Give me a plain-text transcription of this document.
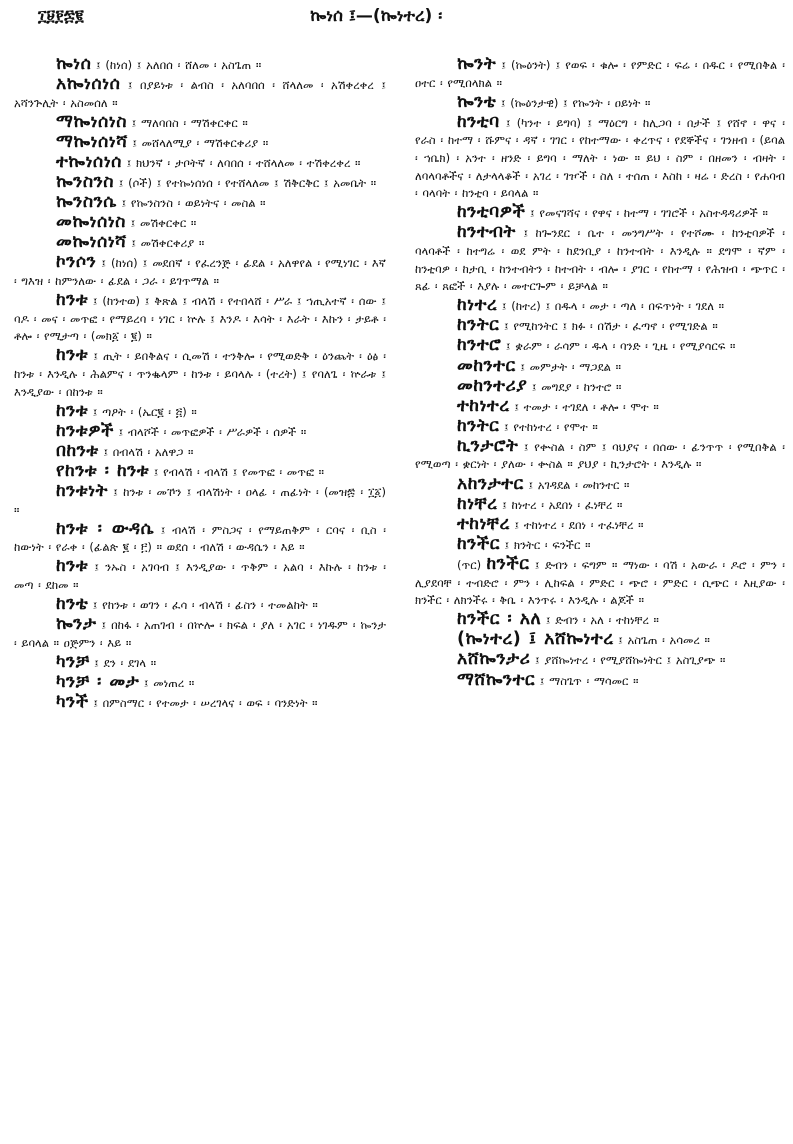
፲፱፻፷፪	ኰነሰ ፤—(ኰነተረ) ፡

ኰነሰ ፤ (ከነሰ) ፤ አለበሰ ፡ ሸለመ ፡ አስጌጠ ።

አኰነሰነሰ ፤ በያይነቱ ፡ ልብስ ፡ አለባበሰ ፡ ሸላለመ ፡ አሽቀረቀረ ፤ አሻንጕሊት ፡ አስመሰለ ።

ማኰነሰነስ ፤ ማለባበስ ፡ ማሽቀርቀር ።

ማኰነሰነሻ ፤ መሸላለሚያ ፡ ማሽቀርቀሪያ ።

ተኰነሰነሰ ፤ ክህንኛ ፡ ታቦትኛ ፡ ለባበሰ ፡ ተሸላለመ ፡ ተሽቀረቀረ ።

ኰንስንስ ፤ (ሶች) ፤ የተኰነሰነሰ ፡ የተሸላለመ ፤ ሽቅርቅር ፤ አመቤት ።

ኰንስንሴ ፤ የኰንስንስ ፡ ወይነትና ፡ መስል ።

መኰነሰነስ ፤ መሽቀርቀር ።

መኰነሰነሻ ፤ መሽቀርቀሪያ ።

ኮንሶን ፤ (ከነሰ) ፤ መደበኛ ፡ የፈረንጅ ፡ ፊደል ፡ አለዋየል ፡ የሚነገር ፡ እኛ ፡ ግእዝ ፡ ከምንለው ፡ ፊደል ፡ ጋራ ፡ ይገጥማል ።

ከንቱ ፤ (ከንተወ) ፤ ቅጽል ፤ ብላሽ ፡ የተበላሸ ፡ ሥራ ፤ ኀጢአተኛ ፡ ሰው ፤ ባዶ ፡ መና ፡ መጥፎ ፡ የማይረባ ፡ ነገር ፡ ኵሉ ፤ እንዶ ፡ እሳት ፡ እራት ፡ እኩን ፡ ታይቶ ፡ ቶሎ ፡ የሚታጣ ፡ (መክ፩ ፡ ፪) ።

ከንቱ ፤ ጢት ፡ ይበቅልና ፡ ሲመሽ ፡ ተንቅሎ ፡ የሚወድቅ ፡ ዕንጨት ፡ ዕፅ ፡ ከንቱ ፡ እንዲሉ ፡ ሕልምና ፡ ጥንቈላም ፡ ከንቱ ፡ ይባላሉ ፡ (ተረት) ፤ የባለጌ ፡ ኵራቱ ፤ እንዲያው ፡ በከንቱ ።

ከንቱ ፤ ጣዖት ፡ (ኤር፪ ፡ ፭) ።

ከንቱዎች ፤ ብላሾች ፡ መጥፎዎች ፡ ሥራዎች ፡ ሰዎች ።

በከንቱ ፤ በብላሽ ፡ አለዋጋ ።

የከንቱ ፡ ከንቱ ፤ የብላሽ ፡ ብላሽ ፤ የመጥፎ ፡ መጥፎ ።

ከንቱነት ፤ ከንቱ ፡ መኾን ፤ ብላሽነት ፡ ዐላፊ ፡ ጠፊነት ፡ (መዝ፷ ፡ ፲፩) ።

ከንቱ ፡ ውዳሴ ፤ ብላሽ ፡ ምስጋና ፡ የማይጠቅም ፡ ርባና ፡ ቢስ ፡ ከውነት ፡ የራቀ ፡ (ፊልጵ ፪ ፡ ፫) ። ወደሰ ፡ ብለሽ ፡ ውዳሴን ፡ እይ ።

ከንቱ ፤ ንኡስ ፡ አገባብ ፤ እንዲያው ፡ ጥቅም ፡ አልባ ፡ እኩሉ ፡ ከንቱ ፡ መጣ ፡ ደከመ ።

ከንቴ ፤ የከንቱ ፡ ወገን ፡ ፈሳ ፡ ብላሽ ፡ ፊስን ፡ ተመልከት ።

ኰንታ ፤ በከፋ ፡ አጠገብ ፡ በኵሎ ፡ ክፍል ፡ ያለ ፡ አገር ፡ ነገዱም ፡ ኰንታ ፡ ይባላል ። ዐጅምን ፡ እይ ።

ካንቻ ፤ ደን ፡ ደገላ ።

ካንቻ ፡ መታ ፤ መነጠረ ።

ካንች ፤ በምስማር ፡ የተመታ ፡ ሠረገላና ፡ ወፍ ፡ ባንድነት ።

ኰንት ፤ (ኰዕንት) ፤ የወፍ ፡ ቁሎ ፡ የምድር ፡ ፍሬ ፡ በዱር ፡ የሚበቅል ፡ ዐተር ፡ የሚበላክል ።

ኰንቴ ፤ (ኰዕንታዊ) ፤ የኰንት ፡ ዐይነት ።

ከንቲባ ፤ (ካንተ ፡ ይግባ) ፤ ማዕርግ ፡ ከሊጋባ ፡ በታች ፤ የሸኖ ፡ ዋና ፡ የራስ ፡ ከተማ ፡ ሹምና ፡ ዳኛ ፡ ገገር ፡ የከተማው ፡ ቀረጥና ፡ የደኞችና ፡ ገንዘብ ፡ (ይባል ፡ ኀቤክ) ፡ አንተ ፡ ዘንድ ፡ ይግባ ፡ ማለት ፡ ነው ። ይህ ፡ ስም ፡ በዘመን ፡ ብዛት ፡ ለባላባቶችና ፡ ለታላላቆች ፡ አገረ ፡ ገዦች ፡ ስለ ፡ ተሰጠ ፡ እስከ ፡ ዛሬ ፡ ድረስ ፡ የሐባብ ፡ ባላባት ፡ ከንቲባ ፡ ይባላል ።

ከንቲባዎች ፤ የመናገሻና ፡ የዋና ፡ ከተማ ፡ ገገሮች ፡ አስተዳዳሪዎች ።

ከንተብት ፤ ከጐንደር ፡ ቤተ ፡ መንግሥት ፡ የተሾሙ ፡ ከንቲባዎች ፡ ባላባቶች ፡ ከተግሬ ፡ ወደ ምት ፡ ከደንቢያ ፡ ከንተብት ፡ እንዲሉ ። ደግሞ ፡ ኛም ፡ ከንቲባዎ ፡ ከታቢ ፡ ከንተብትን ፡ ከተብት ፡ ብሎ ፡ ያገር ፡ የከተማ ፡ የሕዝብ ፡ ጭጥር ፡ ጸፊ ፡ ጸፎች ፡ እያሉ ፡ መተርጐም ፡ ይቻላል ።

ከነተረ ፤ (ከተረ) ፤ በዱላ ፡ መታ ፡ ጣለ ፡ በፍጥነት ፡ ገደለ ።

ከንትር ፤ የሚከንትር ፤ ክፉ ፡ በሽታ ፡ ፈጣኖ ፡ የሚገድል ።

ከንተሮ ፤ ቋራም ፡ ራሳም ፡ ዱላ ፡ ባንድ ፡ ጊዜ ፡ የሚያሳርፍ ።

መከንተር ፤ መምታት ፡ ማጋደል ።

መከንተሪያ ፤ መግደያ ፡ ከንተሮ ።

ተከነተረ ፤ ተመታ ፡ ተገደለ ፡ ቶሎ ፡ ሞተ ።

ከንትር ፤ የተከነተረ ፡ የሞተ ።

ኪንታሮት ፤ የቍስል ፡ ስም ፤ ባህያና ፡ በሰው ፡ ፊንጥጥ ፡ የሚበቅል ፡ የሚወጣ ፡ ቋርነት ፡ ያለው ፡ ቍስል ። ያህያ ፡ ኪንታሮት ፡ እንዲሉ ።

አከንታተር ፤ አገዳደል ፡ መከንተር ።

ከነቸረ ፤ ከነተረ ፡ አደበነ ፡ ፈነቸረ ።

ተከነቸረ ፤ ተከነተረ ፡ ደበነ ፡ ተፈነቸረ ።

ከንችር ፤ ክንትር ፡ ፍንችር ።

(ጥር) ከንችር ፤ ድብን ፡ ፍግም ። ማነው ፡ ባሽ ፡ አውራ ፡ ዶሮ ፡ ምን ፡ ሊያደባቸ ፡ ተብድሮ ፡ ምን ፡ ሊከፍል ፡ ምድር ፡ ጭሮ ፡ ምድር ፡ ሲጭር ፡ እዚያው ፡ ክንችር ፡ ለክንችሩ ፡ ቅቤ ፡ እንጥሩ ፡ እንዲሉ ፡ ልጆች ።

ከንችር ፡ አለ ፤ ድብን ፡ አለ ፡ ተከነቸረ ።

(ኰነተረ) ፤ አሸኰነተረ ፤ አስጌጠ ፡ አሳመረ ።

አሸኰንታሪ ፤ ያሸኰነተረ ፡ የሚያሸኰነትር ፤ አስጊያጭ ።

ማሸኰንተር ፤ ማስጌጥ ፡ ማሳመር ።
